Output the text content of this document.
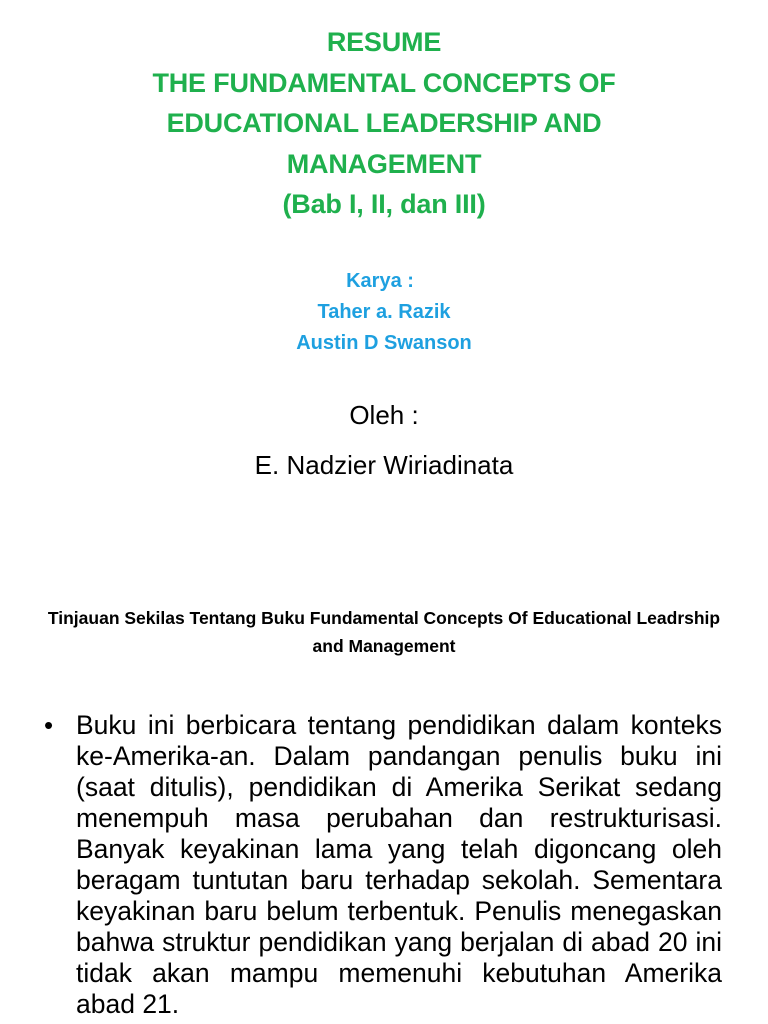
RESUME
THE FUNDAMENTAL CONCEPTS OF
EDUCATIONAL LEADERSHIP AND
MANAGEMENT
(Bab I, II, dan III)
Karya :
Taher a. Razik
Austin D Swanson
Oleh :
E. Nadzier Wiriadinata
Tinjauan Sekilas Tentang Buku Fundamental Concepts Of Educational Leadrship and Management
• Buku ini berbicara tentang pendidikan dalam konteks ke-Amerika-an. Dalam pandangan penulis buku ini (saat ditulis), pendidikan di Amerika Serikat sedang menempuh masa perubahan dan restrukturisasi. Banyak keyakinan lama yang telah digoncang oleh beragam tuntutan baru terhadap sekolah. Sementara keyakinan baru belum terbentuk. Penulis menegaskan bahwa struktur pendidikan yang berjalan di abad 20 ini tidak akan mampu memenuhi kebutuhan Amerika abad 21.
